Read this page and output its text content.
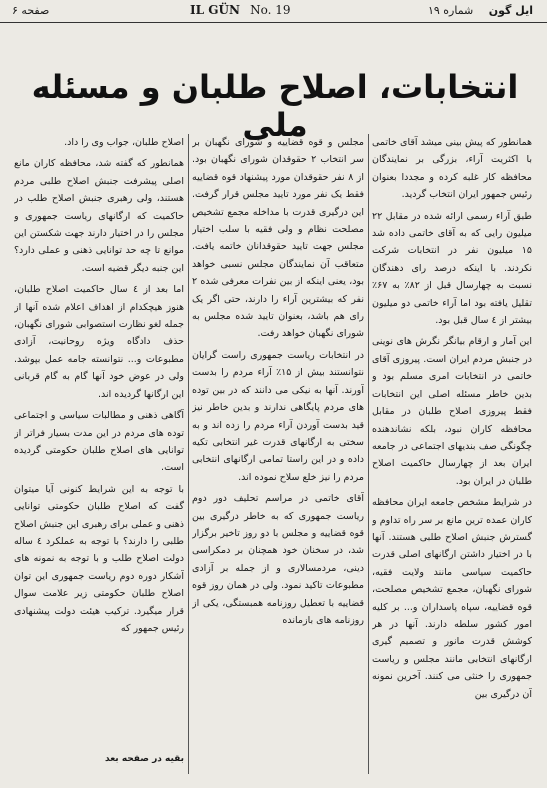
صفحه ۶
	IL GÜN No. 19	ایل گون شماره ۱۹
انتخابات، اصلاح طلبان و مسئله ملی	همانطور که پیش بینی میشد آقای خاتمی با اکثریت آراء، بزرگی بر نمایندگان محافظه کار غلبه کرده و مجددا بعنوان رئیس جمهور ایران انتخاب گردید.

طبق آراء رسمی ارائه شده در مقابل ۲۲ میلیون رایی که به آقای خاتمی داده شد ۱۵ میلیون نفر در انتخابات شرکت نکردند. با اینکه درصد رای دهندگان نسبت به چهارسال قبل از ۸۲٪ به ۶۷٪ تقلیل یافته بود اما آراء خاتمی دو میلیون بیشتر از ٤ سال قبل بود.

این آمار و ارقام بیانگر نگرش های نوینی در جنبش مردم ایران است. پیروزی آقای خاتمی در انتخابات امری مسلم بود و بدین خاطر مسئله اصلی این انتخابات فقط پیروزی اصلاح طلبان در مقابل محافظه کاران نبود، بلکه نشاندهنده چگونگی صف بندیهای اجتماعی در جامعه ایران بعد از چهارسال حاکمیت اصلاح طلبان در ایران بود.

در شرایط مشخص جامعه ایران محافظه کاران عمده ترین مانع بر سر راه تداوم و گسترش جنبش اصلاح طلبی هستند. آنها با در اختیار داشتن ارگانهای اصلی قدرت حاکمیت سیاسی مانند ولایت فقیه، شورای نگهبان، مجمع تشخیص مصلحت، قوه قضاییه، سپاه پاسداران و... بر کلیه امور کشور سلطه دارند. آنها در هر کوشش قدرت مانور و تصمیم گیری ارگانهای انتخابی مانند مجلس و ریاست جمهوری را خنثی می کنند. آخرین نمونه آن درگیری بین

مجلس و قوه قضاییه و شورای نگهبان بر سر انتخاب ۲ حقوقدان شورای نگهبان بود. از ۸ نفر حقوقدان مورد پیشنهاد قوه قضاییه فقط یک نفر مورد تایید مجلس قرار گرفت. این درگیری قدرت با مداخله مجمع تشخیص مصلحت نظام و ولی فقیه با سلب اختیار مجلس جهت تایید حقوقدانان خاتمه یافت. متعاقب آن نمایندگان مجلس نسبی خواهد بود، یعنی اینکه از بین نفرات معرفی شده ۲ نفر که بیشترین آراء را دارند، حتی اگر یک رای هم باشد، بعنوان تایید شده مجلس به شورای نگهبان خواهد رفت.

در انتخابات ریاست جمهوری راست گرایان نتوانستند بیش از ۱۵٪ آراء مردم را بدست آورند. آنها به نیکی می دانند که در بین توده های مردم پایگاهی ندارند و بدین خاطر نیز قید بدست آوردن آراء مردم را زده اند و به سختی به ارگانهای قدرت غیر انتخابی تکیه داده و در این راستا تمامی ارگانهای انتخابی مردم را نیز خلع سلاح نموده اند.

آقای خاتمی در مراسم تحلیف دور دوم ریاست جمهوری که به خاطر درگیری بین قوه قضاییه و مجلس با دو روز تاخیر برگزار شد، در سخنان خود همچنان بر دمکراسی دینی، مردمسالاری و از جمله بر آزادی مطبوعات تاکید نمود. ولی در همان روز قوه قضاییه با تعطیل روزنامه همبستگی، یکی از روزنامه های بازمانده

اصلاح طلبان، جواب وی را داد.

همانطور که گفته شد، محافظه کاران مانع اصلی پیشرفت جنبش اصلاح طلبی مردم هستند، ولی رهبری جنبش اصلاح طلب در حاکمیت که ارگانهای ریاست جمهوری و مجلس را در اختیار دارند جهت شکستن این موانع تا چه حد توانایی ذهنی و عملی دارد؟ این جنبه دیگر قضیه است.

اما بعد از ٤ سال حاکمیت اصلاح طلبان، هنوز هیچکدام از اهداف اعلام شده آنها از جمله لغو نظارت استصوابی شورای نگهبان، حذف دادگاه ویژه روحانیت، آزادی مطبوعات و... نتوانسته جامه عمل بپوشد. ولی در عوض خود آنها گام به گام قربانی این ارگانها گردیده اند.

آگاهی ذهنی و مطالبات سیاسی و اجتماعی توده های مردم در این مدت بسیار فراتر از توانایی های اصلاح طلبان حکومتی گردیده است.

با توجه به این شرایط کنونی آیا میتوان گفت که اصلاح طلبان حکومتی توانایی ذهنی و عملی برای رهبری این جنبش اصلاح طلبی را دارند؟ با توجه به عملکرد ٤ ساله دولت اصلاح طلب و با توجه به نمونه های آشکار دوره دوم ریاست جمهوری این توان اصلاح طلبان حکومتی زیر علامت سوال قرار میگیرد. ترکیب هیئت دولت پیشنهادی رئیس جمهور که

بقیه در صفحه بعد
